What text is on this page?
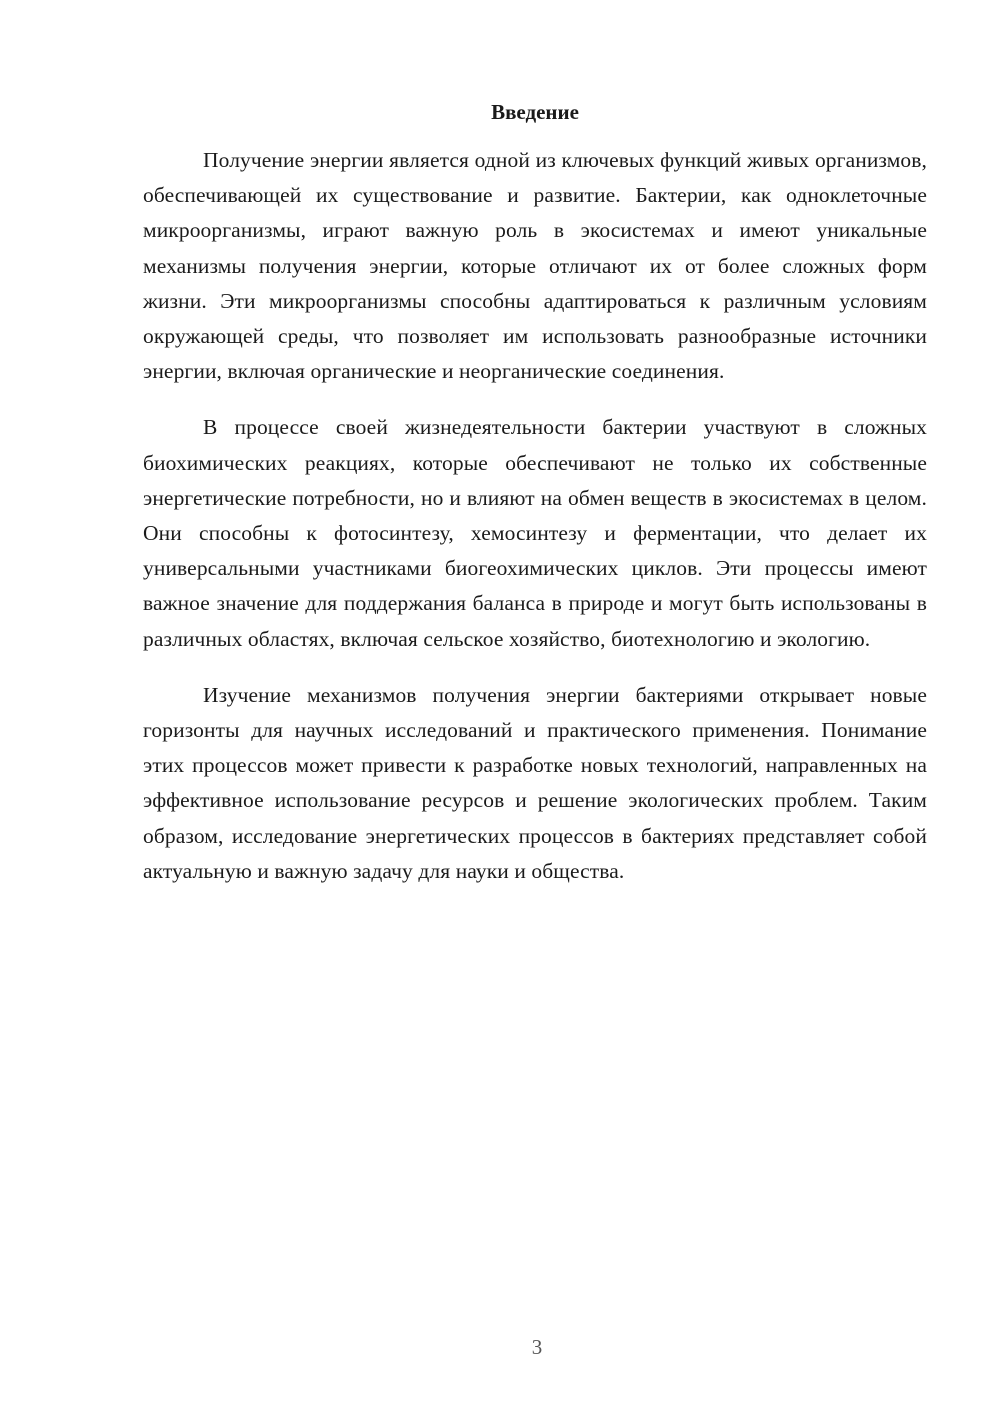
Введение

Получение энергии является одной из ключевых функций живых организмов, обеспечивающей их существование и развитие. Бактерии, как одноклеточные микроорганизмы, играют важную роль в экосистемах и имеют уникальные механизмы получения энергии, которые отличают их от более сложных форм жизни. Эти микроорганизмы способны адаптироваться к различным условиям окружающей среды, что позволяет им использовать разнообразные источники энергии, включая органические и неорганические соединения.

В процессе своей жизнедеятельности бактерии участвуют в сложных биохимических реакциях, которые обеспечивают не только их собственные энергетические потребности, но и влияют на обмен веществ в экосистемах в целом. Они способны к фотосинтезу, хемосинтезу и ферментации, что делает их универсальными участниками биогеохимических циклов. Эти процессы имеют важное значение для поддержания баланса в природе и могут быть использованы в различных областях, включая сельское хозяйство, биотехнологию и экологию.

Изучение механизмов получения энергии бактериями открывает новые горизонты для научных исследований и практического применения. Понимание этих процессов может привести к разработке новых технологий, направленных на эффективное использование ресурсов и решение экологических проблем. Таким образом, исследование энергетических процессов в бактериях представляет собой актуальную и важную задачу для науки и общества.

3
